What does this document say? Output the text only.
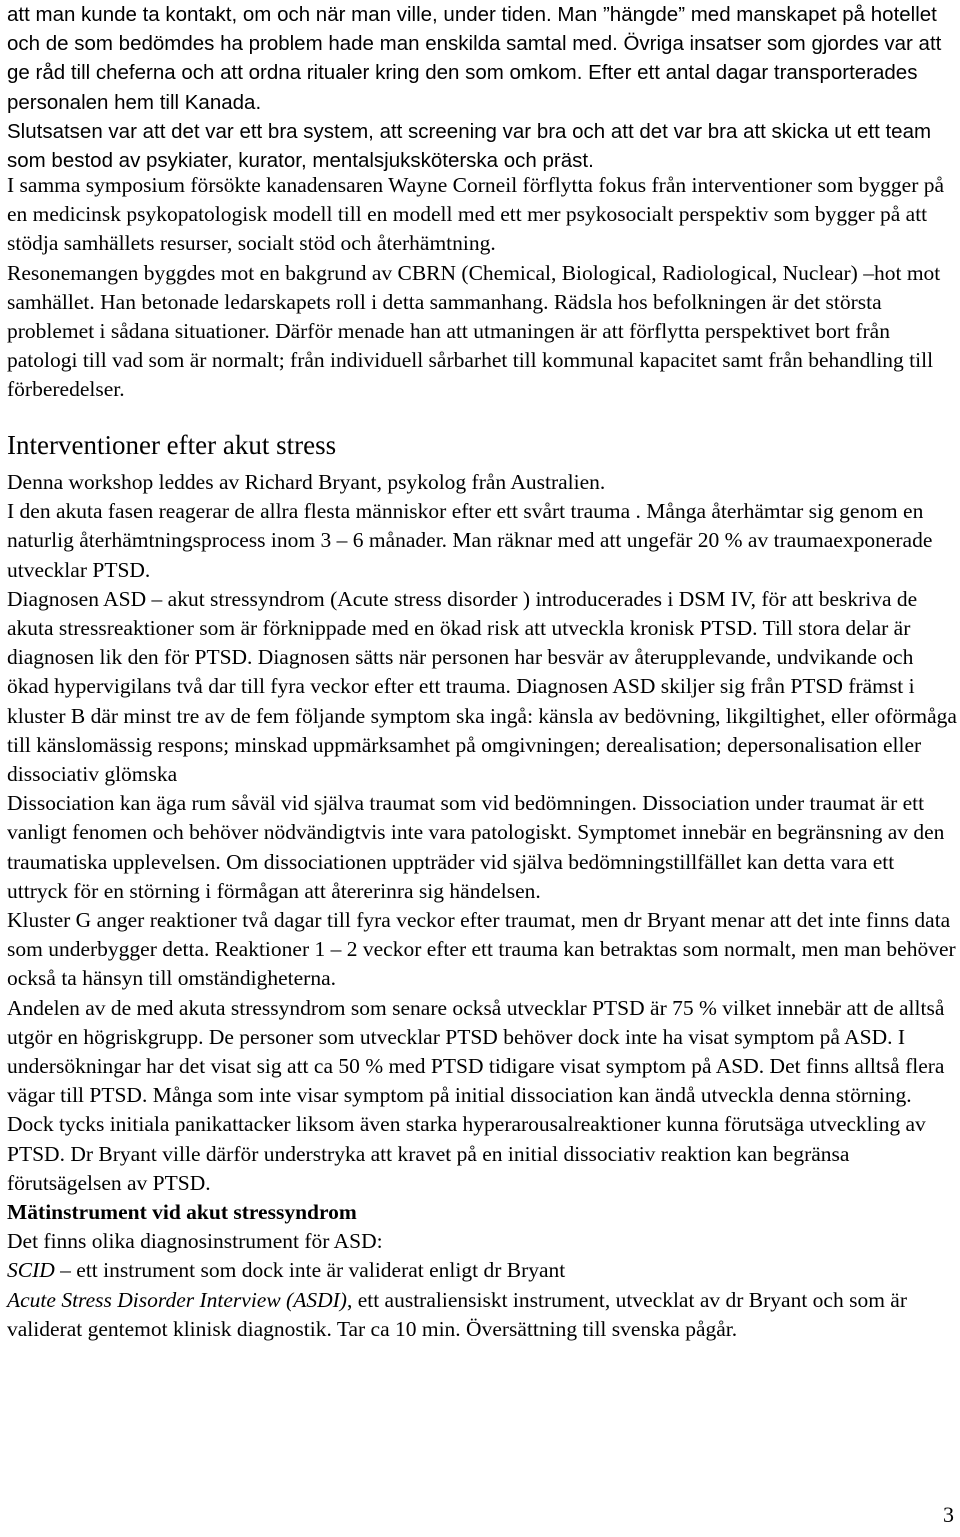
att man kunde ta kontakt, om och när man ville, under tiden. Man ”hängde” med manskapet på hotellet och de som bedömdes ha problem hade man enskilda samtal med. Övriga insatser som gjordes var att ge råd till cheferna och att ordna ritualer kring den som omkom. Efter ett antal dagar transporterades personalen hem till Kanada.

Slutsatsen var att det var ett bra system, att screening var bra och att det var bra att skicka ut ett team som bestod av psykiater, kurator, mentalsjuksköterska och präst.

I samma symposium försökte kanadensaren Wayne Corneil förflytta fokus från interventioner som bygger på en medicinsk psykopatologisk modell till en modell med ett mer psykosocialt perspektiv som bygger på att stödja samhällets resurser, socialt stöd och återhämtning.

Resonemangen byggdes mot en bakgrund av CBRN (Chemical, Biological, Radiological, Nuclear) –hot mot samhället. Han betonade ledarskapets roll i detta sammanhang. Rädsla hos befolkningen är det största problemet i sådana situationer. Därför menade han att utmaningen är att förflytta perspektivet bort från patologi till vad som är normalt; från individuell sårbarhet till kommunal kapacitet samt från behandling till förberedelser.

Interventioner efter akut stress

Denna workshop leddes av Richard Bryant, psykolog från Australien.

I den akuta fasen reagerar de allra flesta människor efter ett svårt trauma . Många återhämtar sig genom en naturlig återhämtningsprocess inom 3 – 6 månader. Man räknar med att ungefär 20 % av traumaexponerade utvecklar PTSD.

Diagnosen ASD – akut stressyndrom (Acute stress disorder ) introducerades i DSM IV, för att beskriva de akuta stressreaktioner som är förknippade med en ökad risk att utveckla kronisk PTSD. Till stora delar är diagnosen lik den för PTSD. Diagnosen sätts när personen har besvär av återupplevande, undvikande och ökad hypervigilans två dar till fyra veckor efter ett trauma. Diagnosen ASD skiljer sig från PTSD främst i kluster B där minst tre av de fem följande symptom ska ingå: känsla av bedövning, likgiltighet, eller oförmåga till känslomässig respons; minskad uppmärksamhet på omgivningen; derealisation; depersonalisation eller dissociativ glömska

Dissociation kan äga rum såväl vid själva traumat som vid bedömningen. Dissociation under traumat är ett vanligt fenomen och behöver nödvändigtvis inte vara patologiskt. Symptomet innebär en begränsning av den traumatiska upplevelsen. Om dissociationen uppträder vid själva bedömningstillfället kan detta vara ett uttryck för en störning i förmågan att återerinra sig händelsen.

Kluster G anger reaktioner två dagar till fyra veckor efter traumat, men dr Bryant menar att det inte finns data som underbygger detta. Reaktioner 1 – 2 veckor efter ett trauma kan betraktas som normalt, men man behöver också ta hänsyn till omständigheterna.

Andelen av de med akuta stressyndrom som senare också utvecklar PTSD är 75 % vilket innebär att de alltså utgör en högriskgrupp. De personer som utvecklar PTSD behöver dock inte ha visat symptom på ASD. I undersökningar har det visat sig att ca 50 % med PTSD tidigare visat symptom på ASD. Det finns alltså flera vägar till PTSD. Många som inte visar symptom på initial dissociation kan ändå utveckla denna störning. Dock tycks initiala panikattacker liksom även starka hyperarousalreaktioner kunna förutsäga utveckling av PTSD. Dr Bryant ville därför understryka att kravet på en initial dissociativ reaktion kan begränsa förutsägelsen av PTSD.

Mätinstrument vid akut stressyndrom

Det finns olika diagnosinstrument för ASD:

SCID – ett instrument som dock inte är validerat enligt dr Bryant

Acute Stress Disorder Interview (ASDI), ett australiensiskt instrument, utvecklat av dr Bryant och som är validerat gentemot klinisk diagnostik. Tar ca 10 min. Översättning till svenska pågår.

3
